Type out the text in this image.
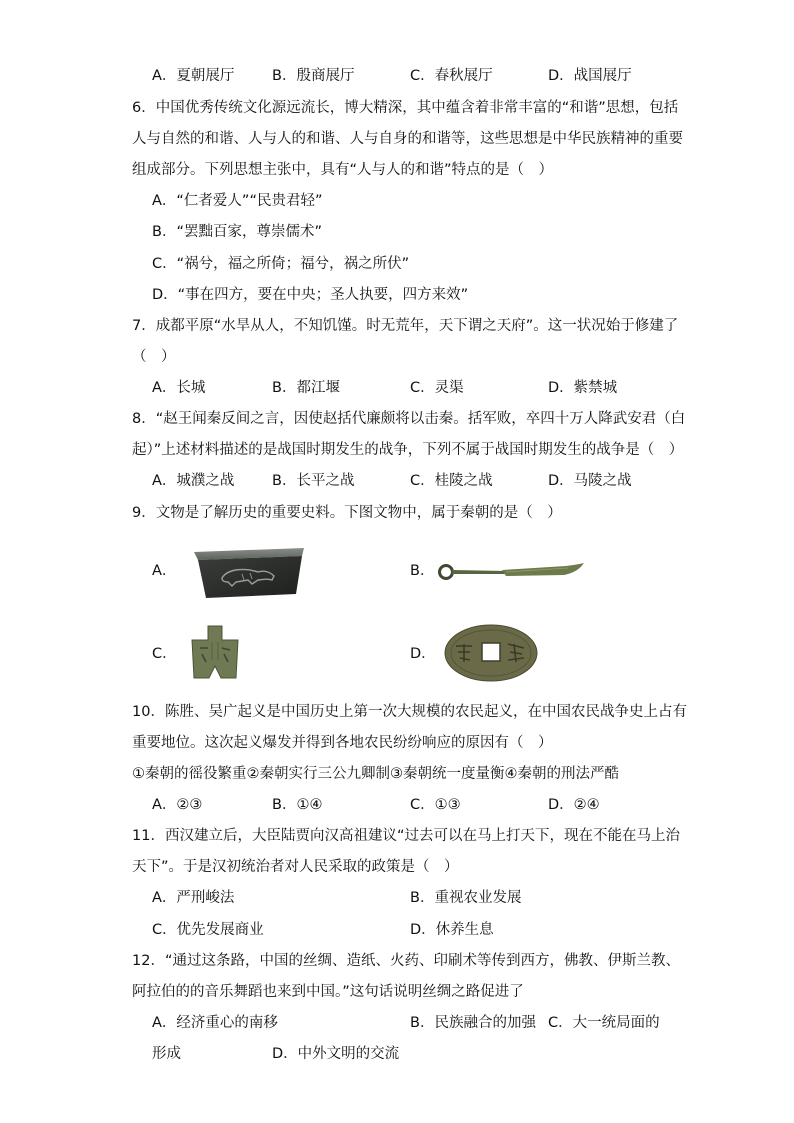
A．夏朝展厅	B．殷商展厅	C．春秋展厅	D．战国展厅
6．中国优秀传统文化源远流长，博大精深，其中蕴含着非常丰富的“和谐”思想，包括
人与自然的和谐、人与人的和谐、人与自身的和谐等，这些思想是中华民族精神的重要
组成部分。下列思想主张中，具有“人与人的和谐”特点的是（　）
A．“仁者爱人”“民贵君轻”
B．“罢黜百家，尊崇儒术”
C．“祸兮，福之所倚；福兮，祸之所伏”
D．“事在四方，要在中央；圣人执要，四方来效”
7．成都平原“水旱从人，不知饥馑。时无荒年，天下谓之天府”。这一状况始于修建了
（　）
A．长城	B．都江堰	C．灵渠	D．紫禁城
8．“赵王闻秦反间之言，因使赵括代廉颇将以击秦。括军败，卒四十万人降武安君（白
起）”上述材料描述的是战国时期发生的战争，下列不属于战国时期发生的战争是（　）
A．城濮之战	B．长平之战	C．桂陵之战	D．马陵之战
9．文物是了解历史的重要史料。下图文物中，属于秦朝的是（　）
A．	B．
C．	D．
10．陈胜、吴广起义是中国历史上第一次大规模的农民起义，在中国农民战争史上占有
重要地位。这次起义爆发并得到各地农民纷纷响应的原因有（　）
①秦朝的徭役繁重②秦朝实行三公九卿制③秦朝统一度量衡④秦朝的刑法严酷
A．②③	B．①④	C．①③	D．②④
11．西汉建立后，大臣陆贾向汉高祖建议“过去可以在马上打天下，现在不能在马上治
天下”。于是汉初统治者对人民采取的政策是（　）
A．严刑峻法	B．重视农业发展
C．优先发展商业	D．休养生息
12．“通过这条路，中国的丝绸、造纸、火药、印刷术等传到西方，佛教、伊斯兰教、
阿拉伯的的音乐舞蹈也来到中国。”这句话说明丝绸之路促进了
A．经济重心的南移	B．民族融合的加强 C．大一统局面的
形成	D．中外文明的交流
